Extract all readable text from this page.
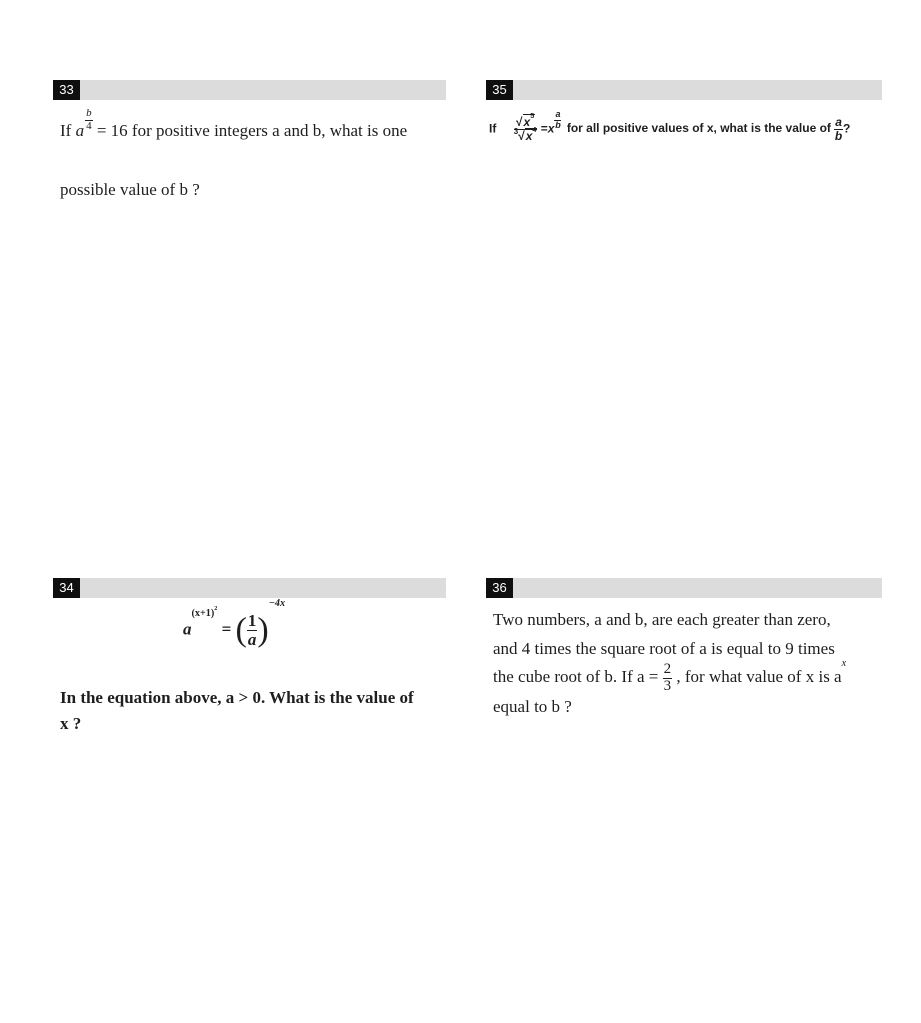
33
If a $\frac{b}{4} = 16$ for positive integers a and b, what is one
possible value of b ?
35
If $\frac{√x^5}{^3√x^4} =x \frac{a}{b}$ for all positive values of x, what is the value of $\frac{a}{b}$ ?
34
$a^{(x+1)^2}$ = ( $\frac{1}{a} )^{-4x}$
In the equation above, a > 0. What is the value of
x ?
36
Two numbers, a and b, are each greater than zero,
and 4 times the square root of a is equal to 9 times
the cube root of b. If $a = \frac{2}{3}$ , for what value of x is $a^x$
equal to b ?
